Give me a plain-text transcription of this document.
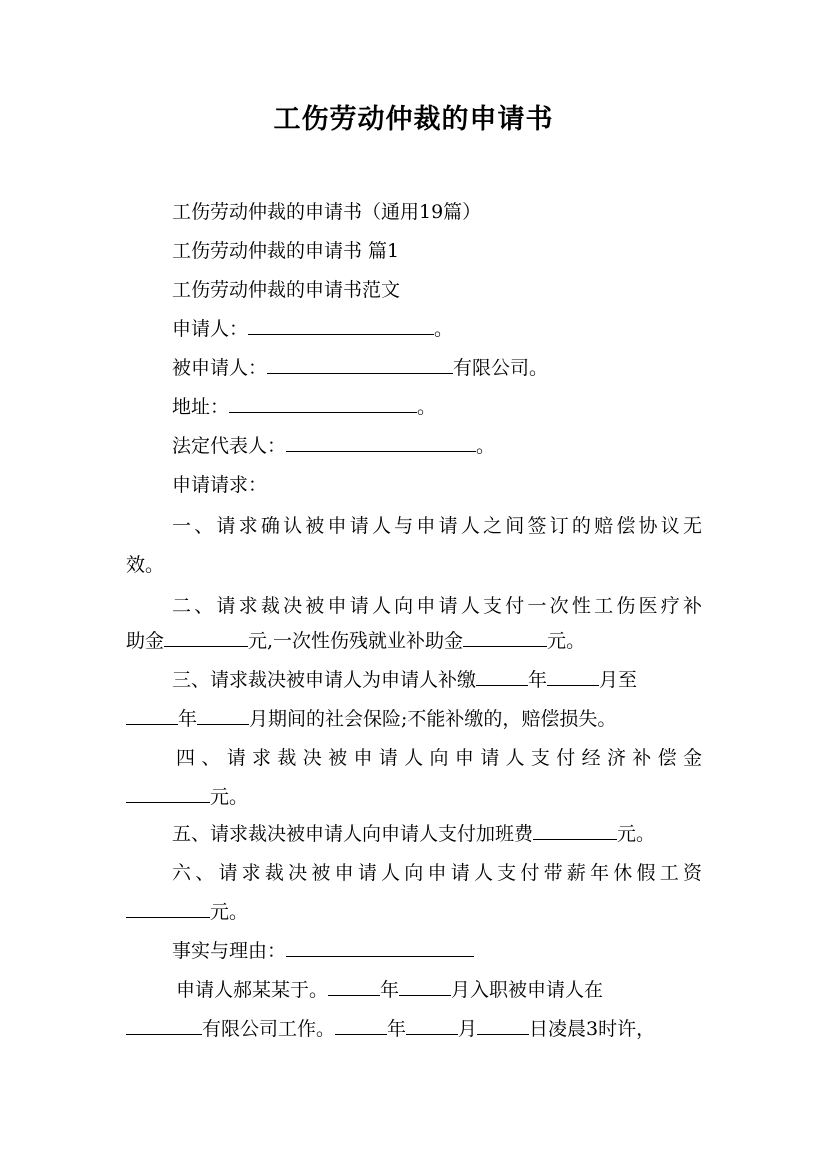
工伤劳动仲裁的申请书
工伤劳动仲裁的申请书（通用19篇）
工伤劳动仲裁的申请书 篇1
工伤劳动仲裁的申请书范文
申请人：	。
被申请人：	有限公司。
地址：	。
法定代表人：	。
申请请求：
一、请求确认被申请人与申请人之间签订的赔偿协议无
效。
二、请求裁决被申请人向申请人支付一次性工伤医疗补
助金	元,一次性伤残就业补助金	元。
三、请求裁决被申请人为申请人补缴	年	月至
年	月期间的社会保险;不能补缴的，赔偿损失。
四、请求裁决被申请人向申请人支付经济补偿金
元。
五、请求裁决被申请人向申请人支付加班费	元。
六、请求裁决被申请人向申请人支付带薪年休假工资
元。
事实与理由：
申请人郝某某于。	年	月入职被申请人在
有限公司工作。	年	月	日凌晨3时许，
